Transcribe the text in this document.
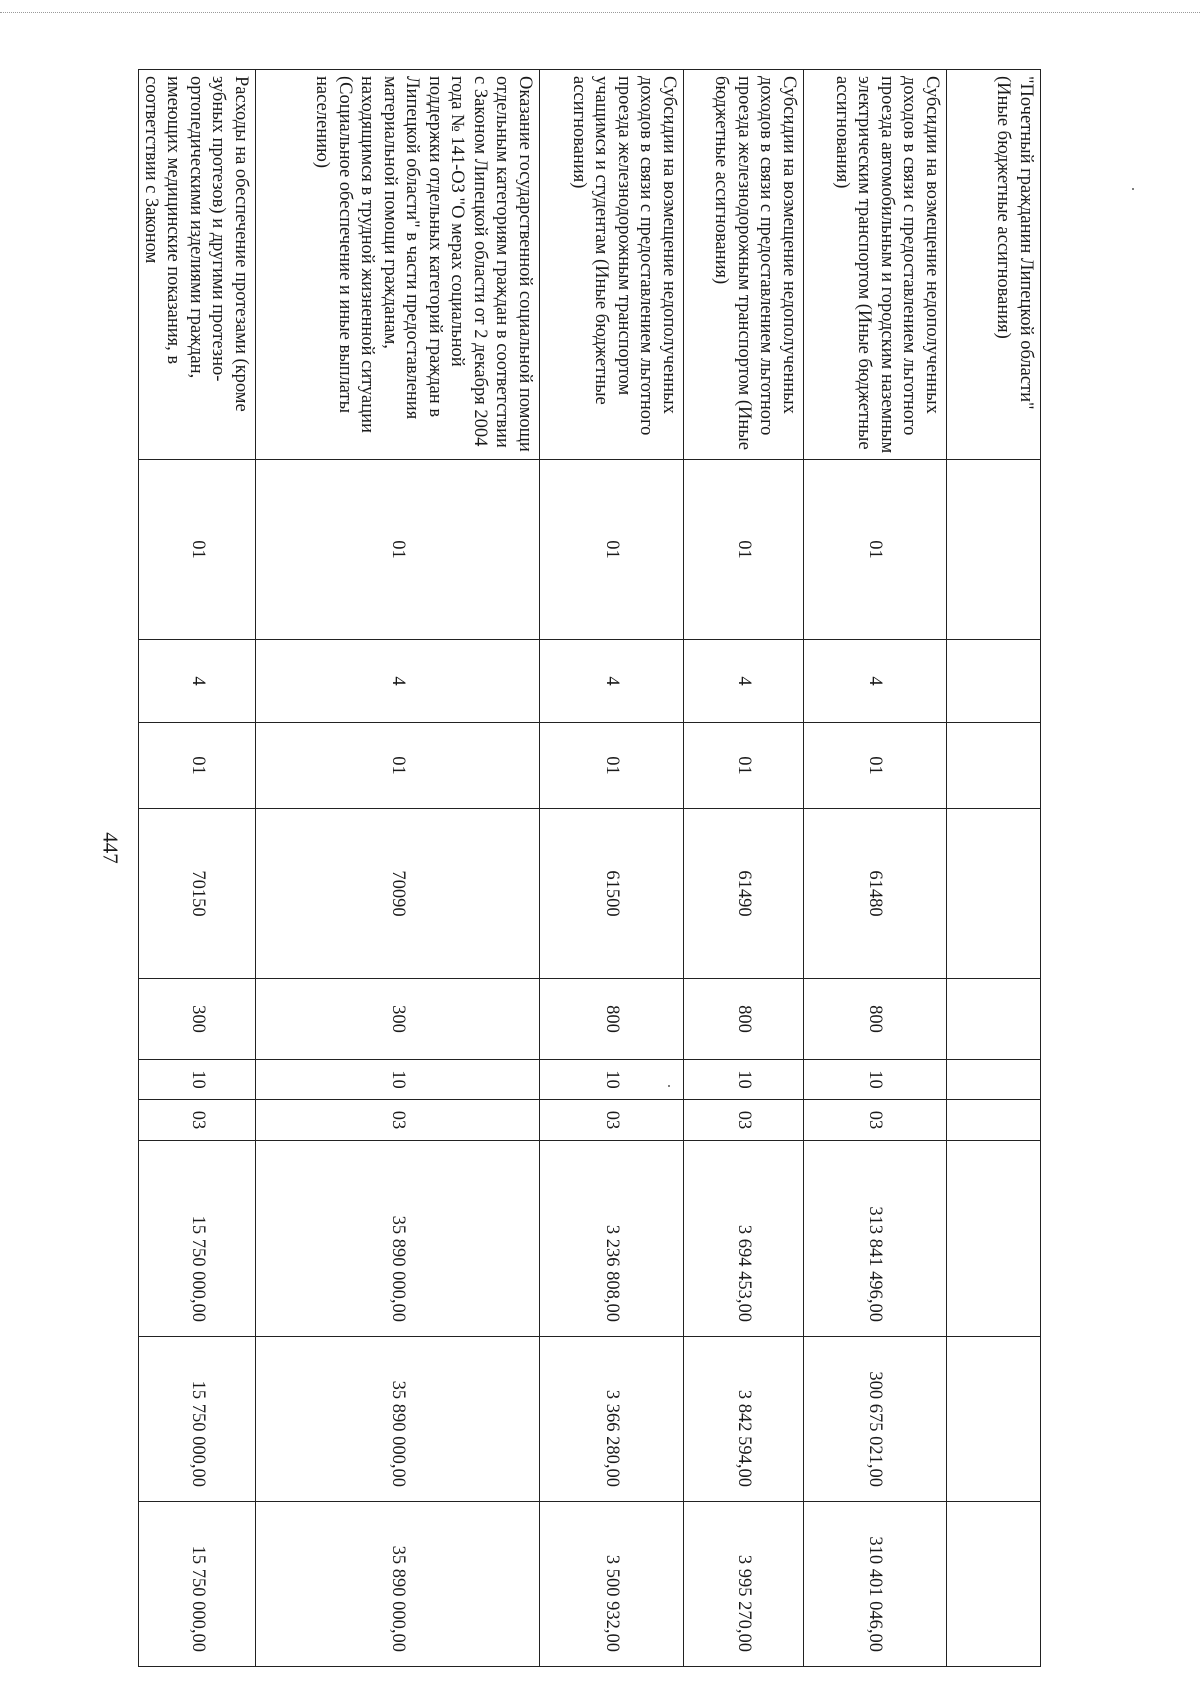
447
"Почетный гражданин Липецкой области" (Иные бюджетные ассигнования)										
Субсидии на возмещение недополученных доходов в связи с предоставлением льготного проезда автомобильным и городским наземным электрическим транспортом (Иные бюджетные ассигнования)	01	4	01	61480	800	10	03	313 841 496,00	300 675 021,00	310 401 046,00
Субсидии на возмещение недополученных доходов в связи с предоставлением льготного проезда железнодорожным транспортом (Иные бюджетные ассигнования)	01	4	01	61490	800	10	03	3 694 453,00	3 842 594,00	3 995 270,00
Субсидии на возмещение недополученных доходов в связи с предоставлением льготного проезда железнодорожным транспортом учащимся и студентам (Иные бюджетные ассигнования)	01	4	01	61500	800	10	03	3 236 808,00	3 366 280,00	3 500 932,00
Оказание государственной социальной помощи отдельным категориям граждан в соответствии с Законом Липецкой области от 2 декабря 2004 года № 141-ОЗ "О мерах социальной поддержки отдельных категорий граждан в Липецкой области" в части предоставления материальной помощи гражданам, находящимся в трудной жизненной ситуации (Социальное обеспечение и иные выплаты населению)	01	4	01	70090	300	10	03	35 890 000,00	35 890 000,00	35 890 000,00
Расходы на обеспечение протезами (кроме зубных протезов) и другими протезно-ортопедическими изделиями граждан, имеющих медицинские показания, в соответствии с Законом	01	4	01	70150	300	10	03	15 750 000,00	15 750 000,00	15 750 000,00
